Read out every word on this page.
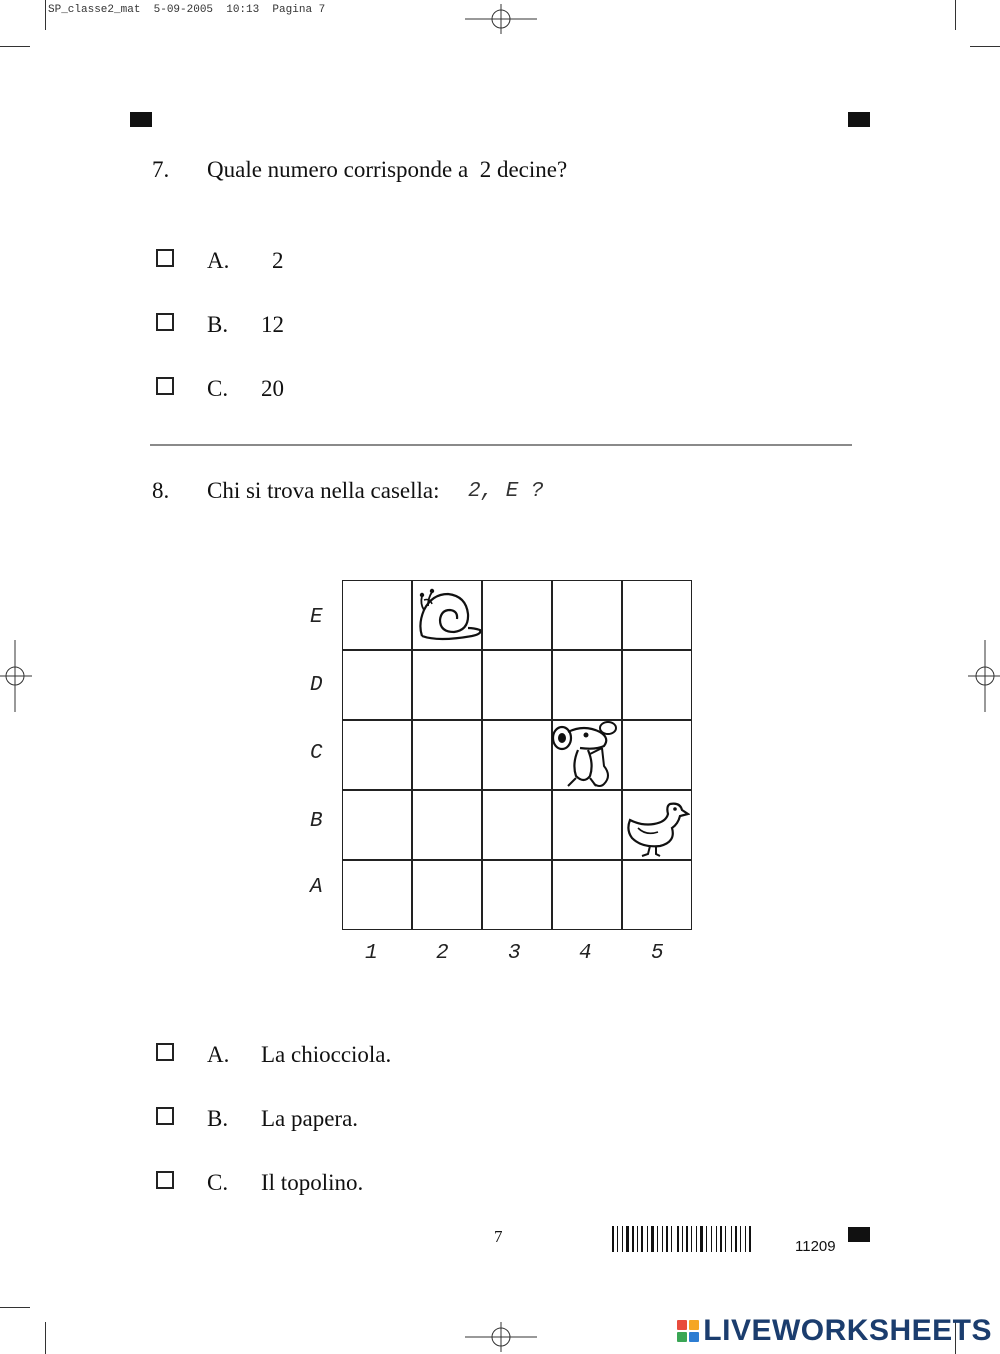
SP_classe2_mat  5-09-2005  10:13  Pagina 7
7. Quale numero corrisponde a  2 decine?
A. 2
B. 12
C. 20
8. Chi si trova nella casella: 2, E ?
E
D
C
B
A
1	2	3	4	5
A. La chiocciola.
B. La papera.
C. Il topolino.
7
11209
LIVEWORKSHEETS
